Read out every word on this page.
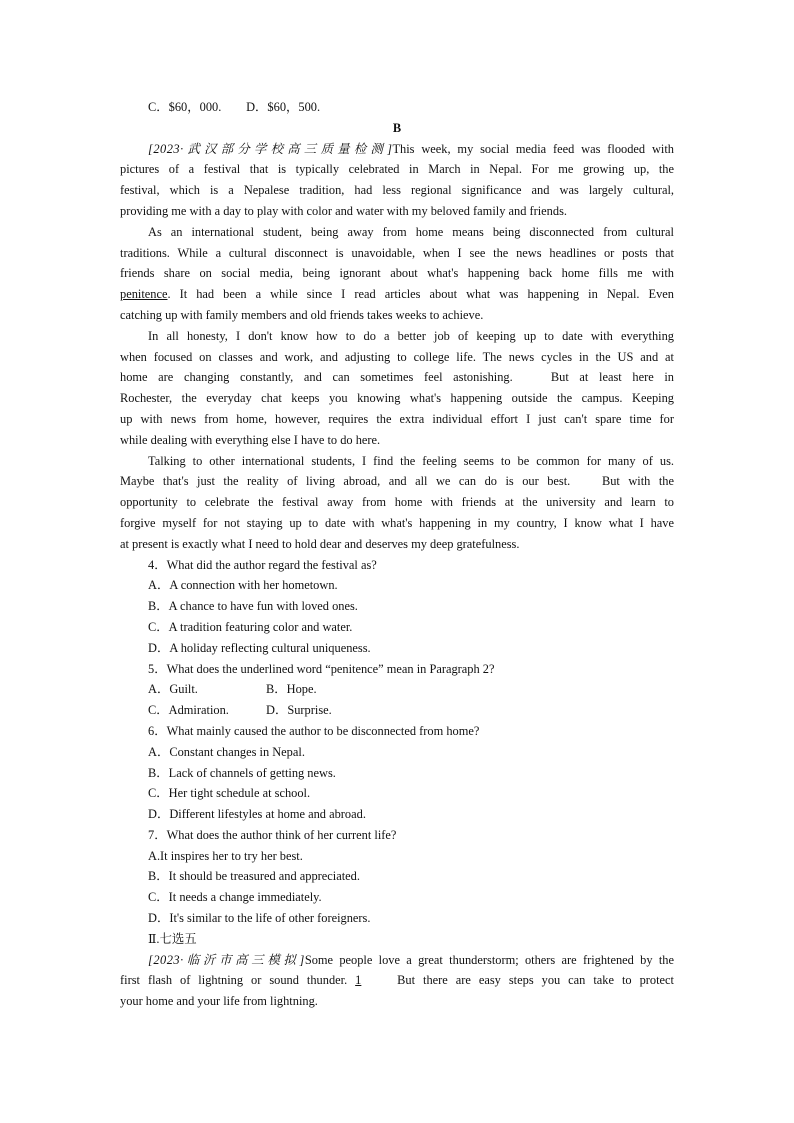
C．$60，000.　　D．$60，500.
B
[2023·武汉部分学校高三质量检测]This week, my social media feed was flooded with
pictures of a festival that is typically celebrated in March in Nepal. For me growing up, the
festival, which is a Nepalese tradition, had less regional significance and was largely cultural,
providing me with a day to play with color and water with my beloved family and friends.
As an international student, being away from home means being disconnected from cultural
traditions. While a cultural disconnect is unavoidable, when I see the news headlines or posts that
friends share on social media, being ignorant about what's happening back home fills me with
penitence. It had been a while since I read articles about what was happening in Nepal. Even
catching up with family members and old friends takes weeks to achieve.
In all honesty, I don't know how to do a better job of keeping up to date with everything
when focused on classes and work, and adjusting to college life. The news cycles in the US and at
home are changing constantly, and can sometimes feel astonishing.　 But at least here in
Rochester, the everyday chat keeps you knowing what's happening outside the campus. Keeping
up with news from home, however, requires the extra individual effort I just can't spare time for
while dealing with everything else I have to do here.
Talking to other international students, I find the feeling seems to be common for many of us.
Maybe that's just the reality of living abroad, and all we can do is our best.　 But with the
opportunity to celebrate the festival away from home with friends at the university and learn to
forgive myself for not staying up to date with what's happening in my country, I know what I have
at present is exactly what I need to hold dear and deserves my deep gratefulness.
4．What did the author regard the festival as?
A．A connection with her hometown.
B．A chance to have fun with loved ones.
C．A tradition featuring color and water.
D．A holiday reflecting cultural uniqueness.
5．What does the underlined word “penitence” mean in Paragraph 2?
A．Guilt.	B．Hope.
C．Admiration.	D．Surprise.
6．What mainly caused the author to be disconnected from home?
A．Constant changes in Nepal.
B．Lack of channels of getting news.
C．Her tight schedule at school.
D．Different lifestyles at home and abroad.
7．What does the author think of her current life?
A.It inspires her to try her best.
B．It should be treasured and appreciated.
C．It needs a change immediately.
D．It's similar to the life of other foreigners.
Ⅱ.七选五
[2023·临沂市高三模拟]Some people love a great thunderstorm; others are frightened by the
first flash of lightning or sound thunder. 1 But there are easy steps you can take to protect
your home and your life from lightning.
